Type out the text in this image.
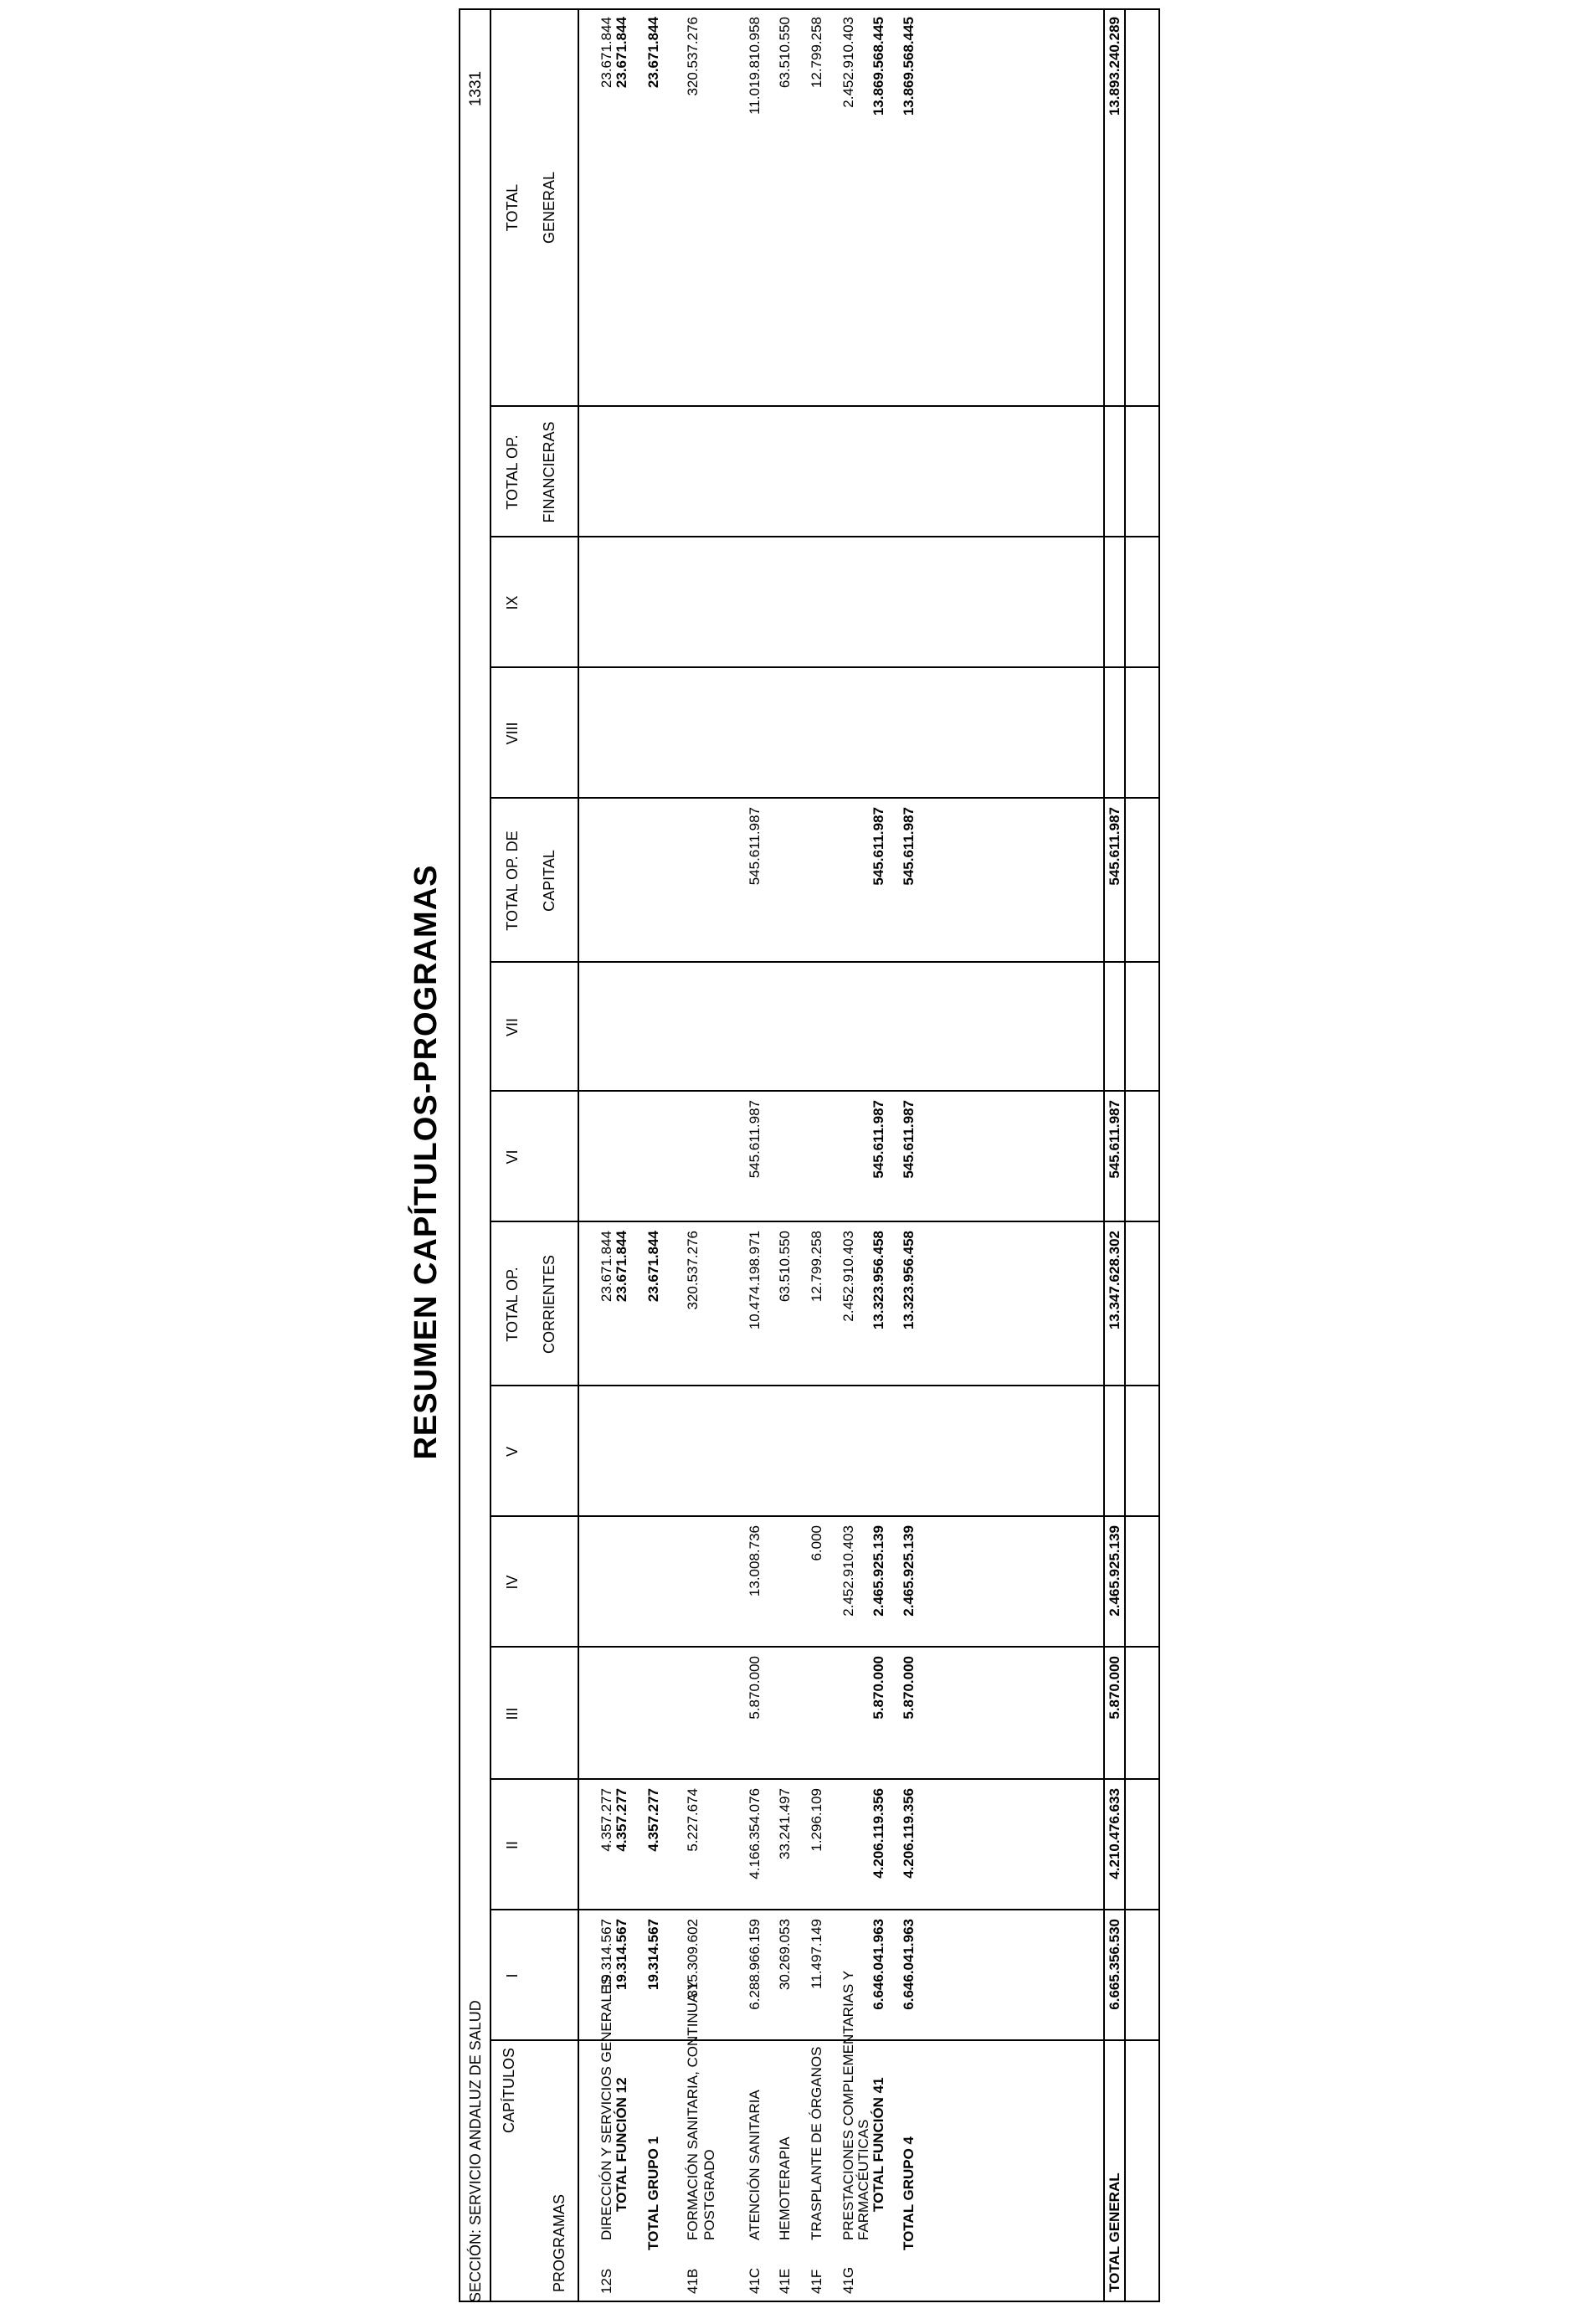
RESUMEN CAPÍTULOS-PROGRAMAS
SECCIÓN: SERVICIO ANDALUZ DE SALUD
1331
CAPÍTULOS
PROGRAMAS
I
II
III
IV
V
TOTAL OP. CORRIENTES
VI
VII
TOTAL OP. DE CAPITAL
VIII
IX
TOTAL OP. FINANCIERAS
TOTAL GENERAL
12S
DIRECCIÓN Y SERVICIOS GENERALES
19.314.567
4.357.277
23.671.844
23.671.844
TOTAL FUNCIÓN 12
19.314.567
4.357.277
23.671.844
23.671.844
TOTAL GRUPO 1
19.314.567
4.357.277
23.671.844
23.671.844
41B
FORMACIÓN SANITARIA, CONTINUA Y POSTGRADO
315.309.602
5.227.674
320.537.276
320.537.276
41C
ATENCIÓN SANITARIA
6.288.966.159
4.166.354.076
5.870.000
13.008.736
10.474.198.971
545.611.987
545.611.987
11.019.810.958
41E
HEMOTERAPIA
30.269.053
33.241.497
63.510.550
63.510.550
41F
TRASPLANTE DE ÓRGANOS
11.497.149
1.296.109
6.000
12.799.258
12.799.258
41G
PRESTACIONES COMPLEMENTARIAS Y FARMACÉUTICAS
2.452.910.403
2.452.910.403
2.452.910.403
TOTAL FUNCIÓN 41
6.646.041.963
4.206.119.356
5.870.000
2.465.925.139
13.323.956.458
545.611.987
545.611.987
13.869.568.445
TOTAL GRUPO 4
6.646.041.963
4.206.119.356
5.870.000
2.465.925.139
13.323.956.458
545.611.987
545.611.987
13.869.568.445
TOTAL GENERAL
6.665.356.530
4.210.476.633
5.870.000
2.465.925.139
13.347.628.302
545.611.987
545.611.987
13.893.240.289
